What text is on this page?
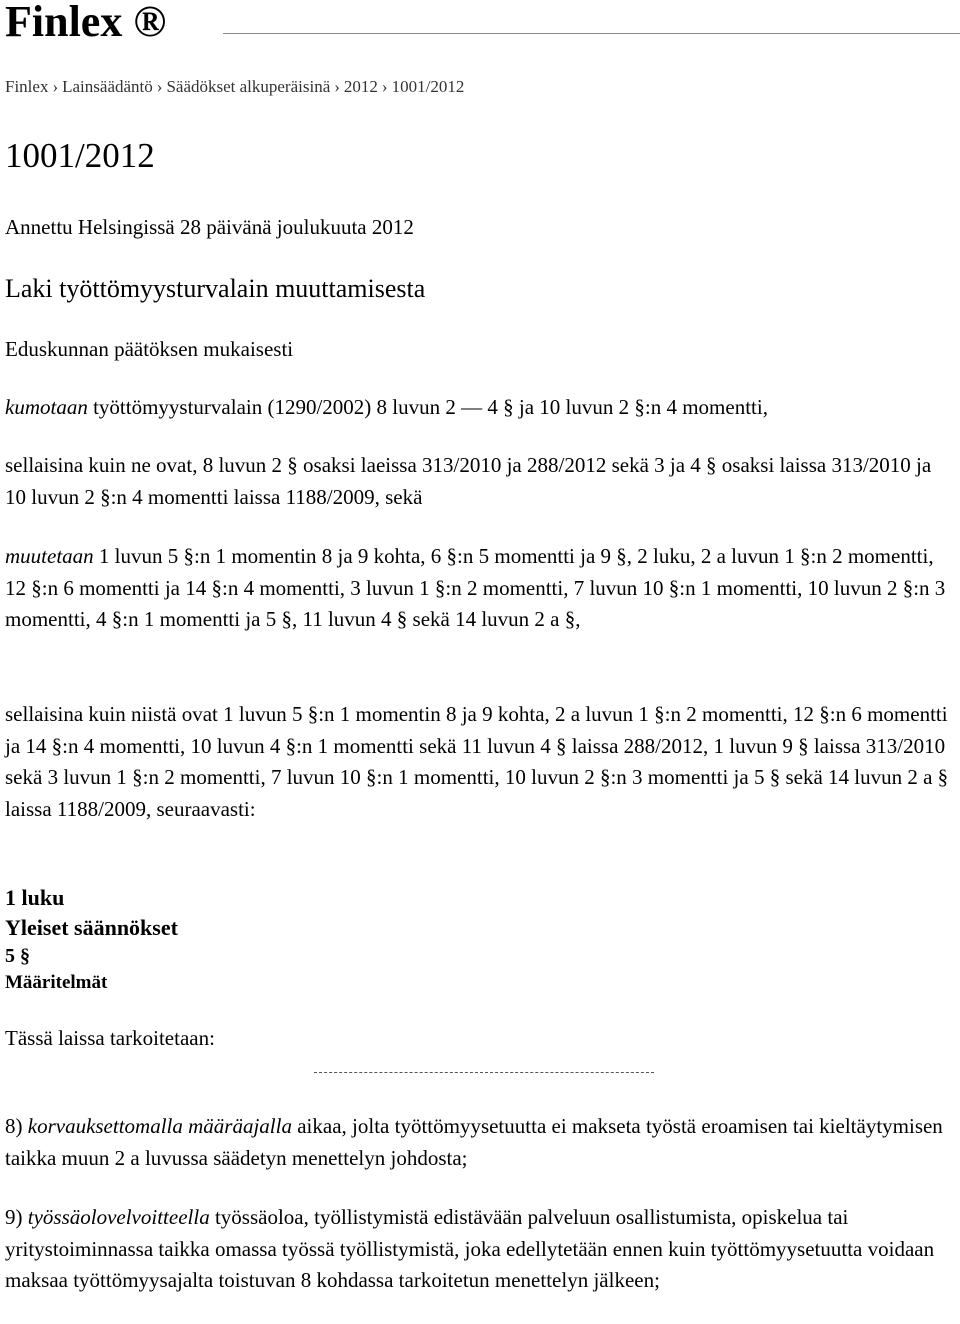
Finlex ®
Finlex › Lainsäädäntö › Säädökset alkuperäisinä › 2012 › 1001/2012
1001/2012
Annettu Helsingissä 28 päivänä joulukuuta 2012
Laki työttömyysturvalain muuttamisesta
Eduskunnan päätöksen mukaisesti

kumotaan työttömyysturvalain (1290/2002) 8 luvun 2 — 4 § ja 10 luvun 2 §:n 4 momentti,

sellaisina kuin ne ovat, 8 luvun 2 § osaksi laeissa 313/2010 ja 288/2012 sekä 3 ja 4 § osaksi laissa 313/2010 ja 10 luvun 2 §:n 4 momentti laissa 1188/2009, sekä

muutetaan 1 luvun 5 §:n 1 momentin 8 ja 9 kohta, 6 §:n 5 momentti ja 9 §, 2 luku, 2 a luvun 1 §:n 2 momentti, 12 §:n 6 momentti ja 14 §:n 4 momentti, 3 luvun 1 §:n 2 momentti, 7 luvun 10 §:n 1 momentti, 10 luvun 2 §:n 3 momentti, 4 §:n 1 momentti ja 5 §, 11 luvun 4 § sekä 14 luvun 2 a §,

sellaisina kuin niistä ovat 1 luvun 5 §:n 1 momentin 8 ja 9 kohta, 2 a luvun 1 §:n 2 momentti, 12 §:n 6 momentti ja 14 §:n 4 momentti, 10 luvun 4 §:n 1 momentti sekä 11 luvun 4 § laissa 288/2012, 1 luvun 9 § laissa 313/2010 sekä 3 luvun 1 §:n 2 momentti, 7 luvun 10 §:n 1 momentti, 10 luvun 2 §:n 3 momentti ja 5 § sekä 14 luvun 2 a § laissa 1188/2009, seuraavasti:

1 luku
Yleiset säännökset
5 §
Määritelmät
Tässä laissa tarkoitetaan:

8) korvauksettomalla määräajalla aikaa, jolta työttömyysetuutta ei makseta työstä eroamisen tai kieltäytymisen taikka muun 2 a luvussa säädetyn menettelyn johdosta;

9) työssäolovelvoitteella työssäoloa, työllistymistä edistävään palveluun osallistumista, opiskelua tai yritystoiminnassa taikka omassa työssä työllistymistä, joka edellytetään ennen kuin työttömyysetuutta voidaan maksaa työttömyysajalta toistuvan 8 kohdassa tarkoitetun menettelyn jälkeen;
